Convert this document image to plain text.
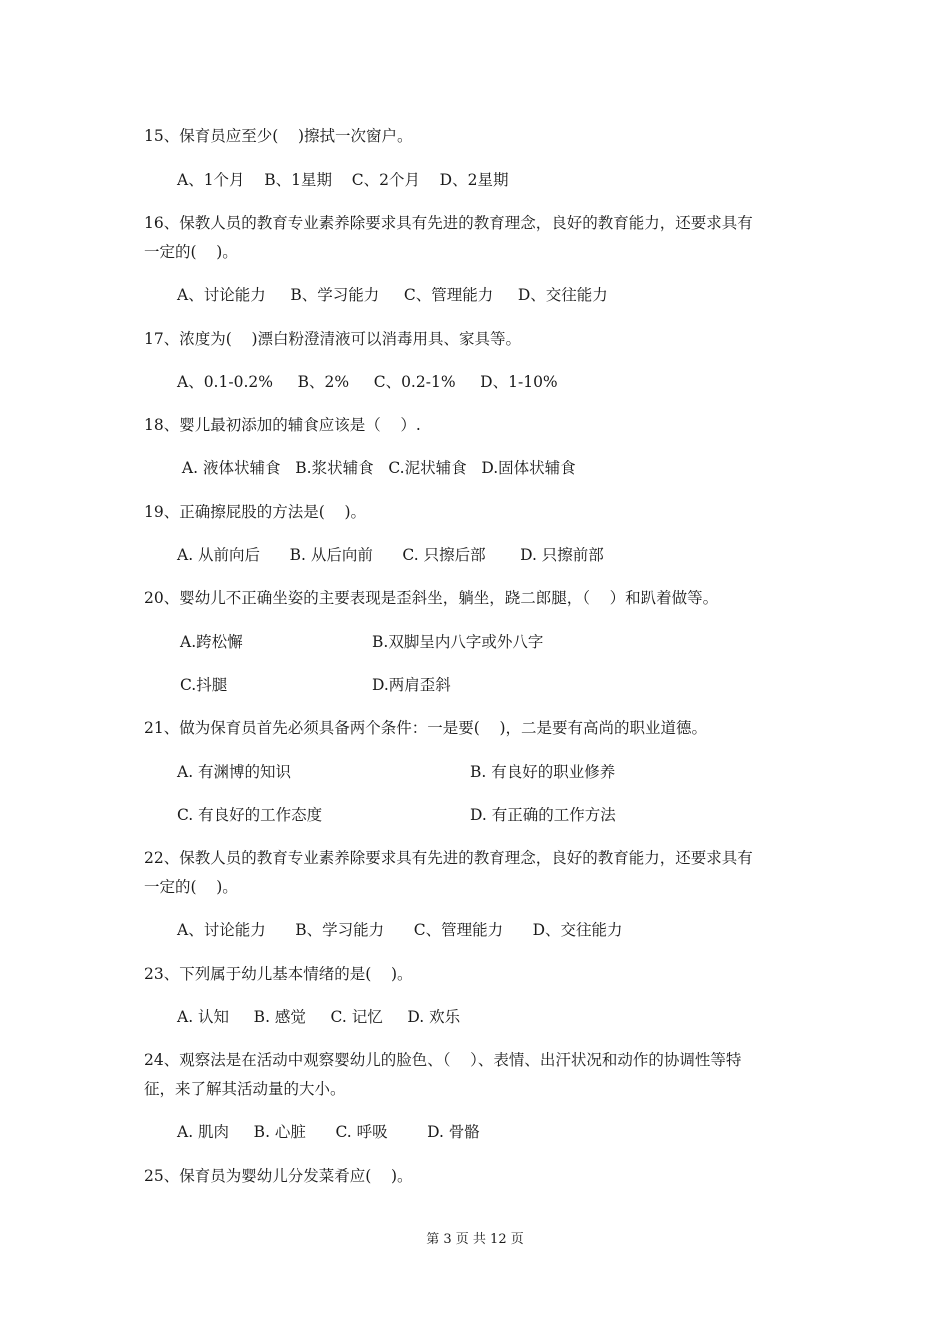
15、保育员应至少(    )擦拭一次窗户。
A、1个月    B、1星期    C、2个月    D、2星期
16、保教人员的教育专业素养除要求具有先进的教育理念，良好的教育能力，还要求具有
一定的(    )。
A、讨论能力     B、学习能力     C、管理能力     D、交往能力
17、浓度为(    )漂白粉澄清液可以消毒用具、家具等。
A、0.1-0.2%     B、2%     C、0.2-1%     D、1-10%
18、婴儿最初添加的辅食应该是（    ）.
A. 液体状辅食   B.浆状辅食   C.泥状辅食   D.固体状辅食
19、正确擦屁股的方法是(    )。
A. 从前向后      B. 从后向前      C. 只擦后部       D. 只擦前部
20、婴幼儿不正确坐姿的主要表现是歪斜坐，躺坐，跷二郎腿，（    ）和趴着做等。
A.跨松懈	B.双脚呈内八字或外八字
C.抖腿	D.两肩歪斜
21、做为保育员首先必须具备两个条件：一是要(    )，二是要有高尚的职业道德。
A. 有渊博的知识	B. 有良好的职业修养
C. 有良好的工作态度	D. 有正确的工作方法
22、保教人员的教育专业素养除要求具有先进的教育理念，良好的教育能力，还要求具有
一定的(    )。
A、讨论能力      B、学习能力      C、管理能力      D、交往能力
23、下列属于幼儿基本情绪的是(    )。
A. 认知     B. 感觉     C. 记忆     D. 欢乐
24、观察法是在活动中观察婴幼儿的脸色、（    ）、表情、出汗状况和动作的协调性等特
征，来了解其活动量的大小。
A. 肌肉     B. 心脏      C. 呼吸        D. 骨骼
25、保育员为婴幼儿分发菜肴应(    )。
第 3 页 共 12 页
